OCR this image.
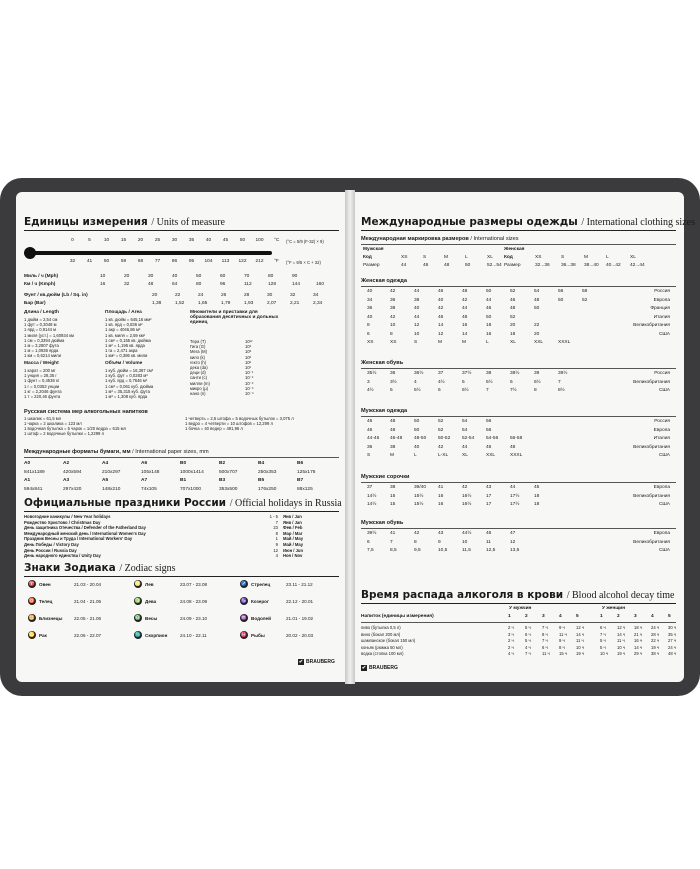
Единицы измерения / Units of measure
0	5	10	15	20	25	30	35	40	45	50	100
32	41	50	59	68	77	86	95	104	113	122	212
°C
°F
(°C = 5/9 (F-32) × 9)
(°F = 9/5 × C + 32)
Миль / ч (Mph)	10	20	30	40	50	60	70	80	90
Км / ч (Kmph)	16	32	48	64	80	96	112	128	144	160
Фунт / кв.дюйм (Lb / Sq. in)	20	22	24	26	28	30	32	34
Бар (Bar)	1,38	1,52	1,65	1,79	1,93	2,07	2,21	2,34
Длина / Length
1 дюйм = 2,54 см
1 фут = 0,3048 м
1 ярд = 0,9144 м
1 миля (уст.) = 1,60934 км
1 см = 0,3394 дюйма
1 м = 3,2807 фута
1 м = 1,0936 ярда
1 км = 0,6214 мили
Площадь / Area
1 кв. дюйм = 645,16 мм²
1 кв. ярд = 0,836 м²
1 акр = 4046,86 м²
1 кв. миля = 2,59 км²
1 см² = 0,155 кв. дюйма
1 м² = 1,196 кв. ярда
1 га = 2,471 акра
1 км² = 0,386 кв. мили
Множители и приставки для образования десятичных и дольных единиц
Тера (T)	10¹²
Гига (G)	10⁹
Мега (M)	10⁶
кило (k)	10³
гекто (h)	10²
дека (da)	10¹
деци (d)	10⁻¹
санти (c)	10⁻²
милли (m)	10⁻³
микро (µ)	10⁻⁶
нано (n)	10⁻⁹
Масса / Weight
1 карат = 200 мг
1 унция = 28,35 г
1 фунт = 0,4536 кг
1 г = 0,0353 унции
1 кг = 2,2046 фунта
1 т = 220,46 фунта
Объём / Volume
1 куб. дюйм = 16,387 см³
1 куб. фут = 0,0283 м³
1 куб. ярд = 0,7646 м³
1 см³ = 0,061 куб. дюйма
1 м³ = 35,315 куб. фута
1 м³ = 1,308 куб. ярда
Русская система мер алкогольных напитков
1 шкалик = 61,5 мл
1 чарка = 2 шкалика = 123 мл
1 водочная бутылка = 5 чарок = 1/20 ведра = 615 мл
1 штоф = 2 водочные бутылки = 1,2299 л
1 четверть = 2,5 штофа = 5 водочных бутылок = 3,075 л
1 ведро = 4 четверти = 10 штофов = 12,299 л
1 бочка = 40 ведер = 491,96 л
Международные форматы бумаги, мм / International paper sizes, mm
A0	A2	A4	A6	B0	B2	B4	B6
841x1189	420x594	210x297	105x148	1000x1414	500x707	250x353	125x176
A1	A3	A5	A7	B1	B3	B5	B7
594x841	297x420	148x210	74x105	707x1000	353x500	176x250	88x125
Официальные праздники России / Official holidays in Russia
Новогодние каникулы / New Year holidays	1 - 5 Янв / Jan
Рождество Христово / Christmas Day	7 Янв / Jan
День защитника Отечества / Defender of the Fatherland Day	23 Фев / Feb
Международный женский день / International Women's Day	8 Мар / Mar
Праздник Весны и Труда / International Workers' Day	1 Май / May
День Победы / Victory Day	9 Май / May
День России / Russia Day	12 Июн / Jun
День народного единства / Unity Day	4 Ноя / Nov
Знаки Зодиака / Zodiac signs
♈ Овен	21.03 - 20.04	♌ Лев	23.07 - 23.08	♐ Стрелец	23.11 - 21.12
♉ Телец	21.04 - 21.05	♍ Дева	24.08 - 23.09	♑ Козерог	22.12 - 20.01
♊ Близнецы	22.05 - 21.06	♎ Весы	24.09 - 23.10	♒ Водолей	21.01 - 19.02
♋ Рак	22.06 - 22.07	♏ Скорпион	24.10 - 22.11	♓ Рыбы	20.02 - 20.03
✔ BRAUBERG
Международные размеры одежды / International clothing sizes
Международная маркировка размеров / International sizes
Мужская	Женская
Код	XS	S	M	L	XL Код	XS	S	M	L	XL
Размер	44	46	48	50	52...54 Размер	32...36 36...38 38...40 40...42 42...44
Женская одежда
40	42	44	46	48	50	52	54	56	58	Россия
34	36	38	40	42	44	46	48	50	52	Европа
36	38	40	42	44	46	48	50	Франция
40	42	44	46	48	50	52	Италия
8	10	12	14	16	18	20	22	Великобритания
6	8	10	12	14	16	18	20	США
XS	XS	S	M	M	L	XL	XXL	XXXL
Женская обувь
35½	36	36½	37	37½	38	38½	39	39½	Россия
3	3½	4	4½	5	5½	6	6½	7	Великобритания
4½	5	5½	6	6½	7	7½	8	8½	США
Мужская одежда
46	48	50	52	54	56	Россия
46	48	50	52	54	56	Европа
44-46 46-48 48-50 50-52 52-54 54-56 56-58	Италия
36	38	40	42	44	46	48	Великобритания
S	M	L	L-XL	XL	XXL	XXXL	США
Мужские сорочки
37	38	39/40 41	42	43	44	45	Европа
14½	15	15½	16	16½	17	17½	18	Великобритания
14½	15	15½	16	16½	17	17½	18	США
Мужская обувь
39½	41	42	43	44½	46	47	Европа
6	7	8	9	10	11	12	Великобритания
7,5	8,5	9,5	10,5	11,5	12,5	13,5	США
Время распада алкоголя в крови / Blood alcohol decay time
У мужчин	У женщин
Напиток (единицы измерения)	1	2	3	4	5	1	2	3	4	5
пиво (бутылка 0,5 л)	2 ч	5 ч	7 ч	9 ч	12 ч	6 ч	12 ч 18 ч 24 ч 30 ч
вино (бокал 200 мл)	3 ч	6 ч	8 ч	11 ч 14 ч	7 ч	14 ч 21 ч 28 ч 35 ч
шампанское (бокал 150 мл)	2 ч	5 ч	7 ч	9 ч	11 ч	5 ч	11 ч 16 ч 22 ч 27 ч
коньяк (рюмка 50 мл)	2 ч	4 ч	6 ч	8 ч	10 ч	5 ч	10 ч 14 ч 19 ч 24 ч
водка (стопка 100 мл)	4 ч	7 ч	11 ч 15 ч 19 ч	10 ч 19 ч 29 ч 38 ч 48 ч
✔ BRAUBERG
